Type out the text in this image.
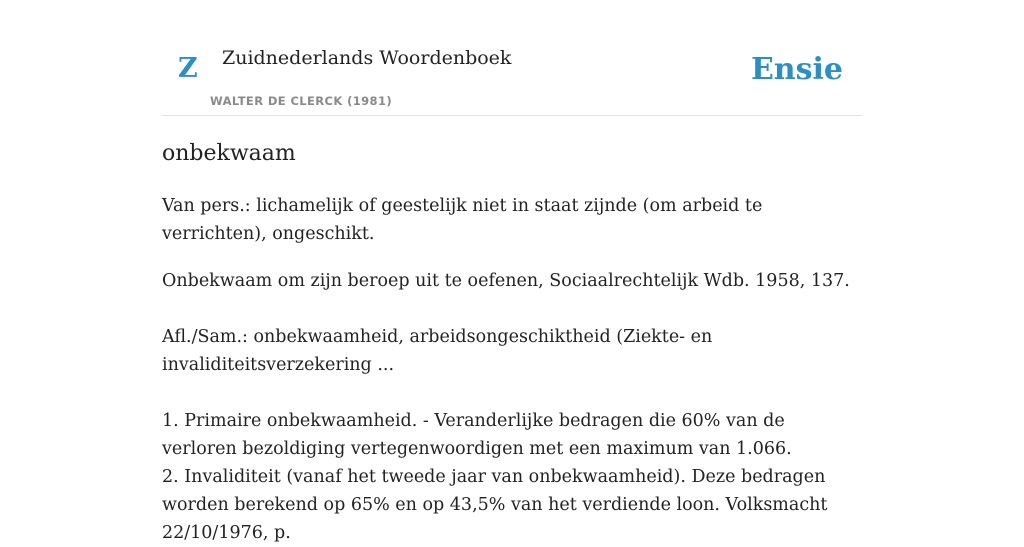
Z Zuidnederlands Woordenboek
WALTER DE CLERCK (1981)
Ensie
onbekwaam

Van pers.: lichamelijk of geestelijk niet in staat zijnde (om arbeid te verrichten), ongeschikt.

Onbekwaam om zijn beroep uit te oefenen, Sociaalrechtelijk Wdb. 1958, 137.

Afl./Sam.: onbekwaamheid, arbeidsongeschiktheid (Ziekte- en invaliditeitsverzekering ...

1. Primaire onbekwaamheid. - Veranderlijke bedragen die 60% van de verloren bezoldiging vertegenwoordigen met een maximum van 1.066.
2. Invaliditeit (vanaf het tweede jaar van onbekwaamheid). Deze bedragen worden berekend op 65% en op 43,5% van het verdiende loon. Volksmacht 22/10/1976, p.
